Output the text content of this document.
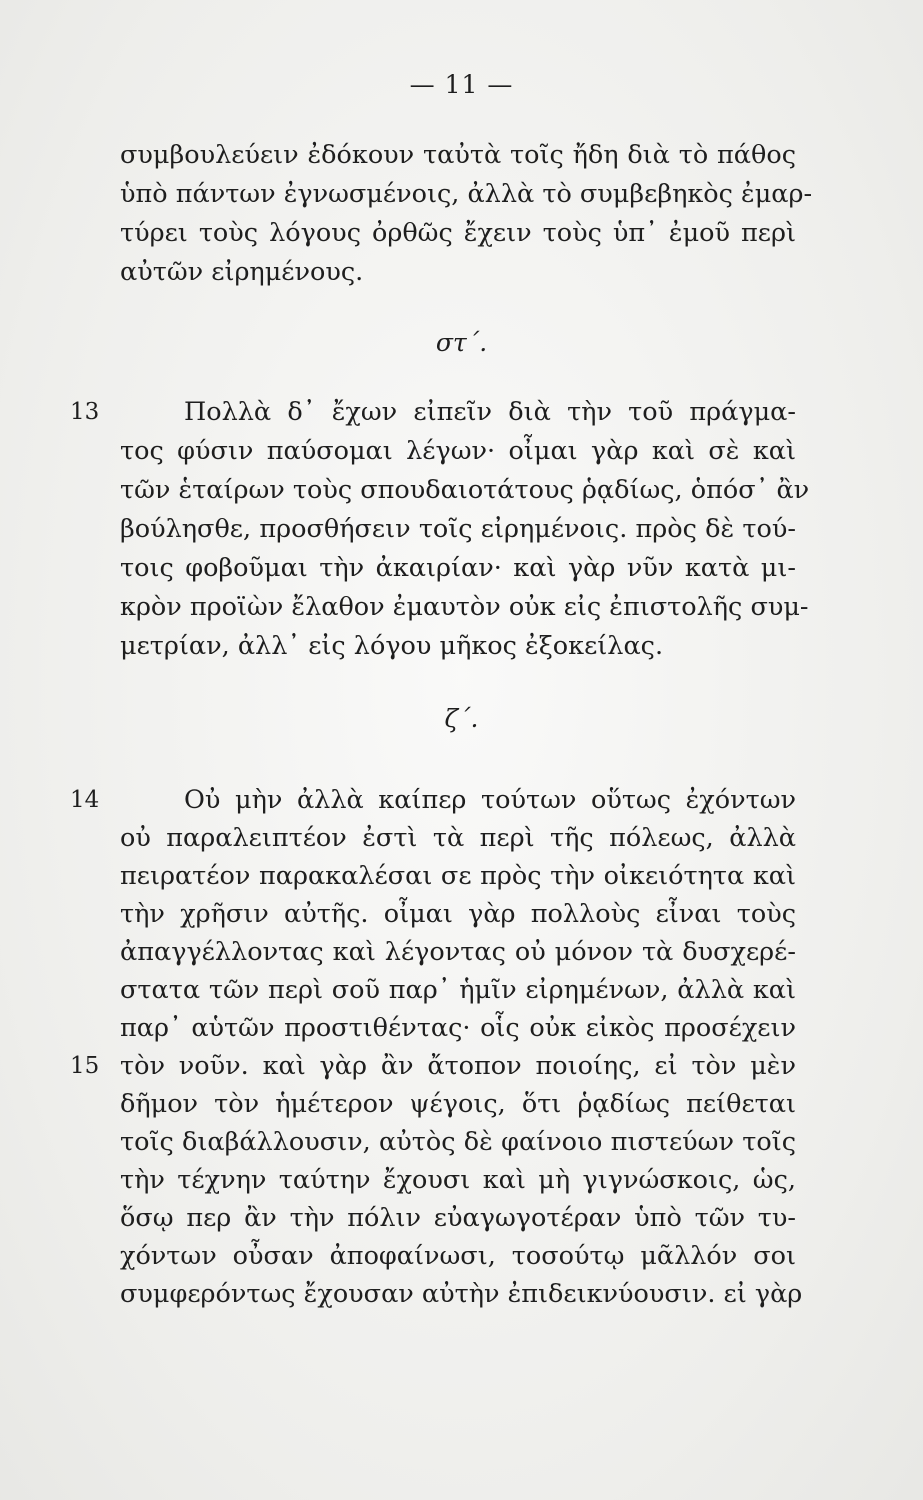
— 11 —
συμβουλεύειν ἐδόκουν ταὐτὰ τοῖς ἤδη διὰ τὸ πάθος
ὑπὸ πάντων ἐγνωσμένοις, ἀλλὰ τὸ συμβεβηκὸς ἐμαρ-
τύρει τοὺς λόγους ὀρθῶς ἔχειν τοὺς ὑπ᾿ ἐμοῦ περὶ
αὐτῶν εἰρημένους.
στ΄.
13	Πολλὰ δ᾿ ἔχων εἰπεῖν διὰ τὴν τοῦ πράγμα-
τος φύσιν παύσομαι λέγων· οἶμαι γὰρ καὶ σὲ καὶ
τῶν ἑταίρων τοὺς σπουδαιοτάτους ῥᾳδίως, ὁπόσ᾿ ἂν
βούλησθε, προσθήσειν τοῖς εἰρημένοις. πρὸς δὲ τού-
τοις φοβοῦμαι τὴν ἀκαιρίαν· καὶ γὰρ νῦν κατὰ μι-
κρὸν προϊὼν ἔλαθον ἐμαυτὸν οὐκ εἰς ἐπιστολῆς συμ-
μετρίαν, ἀλλ᾿ εἰς λόγου μῆκος ἐξοκείλας.
ζ΄.
14	Οὐ μὴν ἀλλὰ καίπερ τούτων οὕτως ἐχόντων
οὐ παραλειπτέον ἐστὶ τὰ περὶ τῆς πόλεως, ἀλλὰ
πειρατέον παρακαλέσαι σε πρὸς τὴν οἰκειότητα καὶ
τὴν χρῆσιν αὐτῆς. οἶμαι γὰρ πολλοὺς εἶναι τοὺς
ἀπαγγέλλοντας καὶ λέγοντας οὐ μόνον τὰ δυσχερέ-
στατα τῶν περὶ σοῦ παρ᾿ ἡμῖν εἰρημένων, ἀλλὰ καὶ
παρ᾿ αὑτῶν προστιθέντας· οἷς οὐκ εἰκὸς προσέχειν
15 τὸν νοῦν. καὶ γὰρ ἂν ἄτοπον ποιοίης, εἰ τὸν μὲν
δῆμον τὸν ἡμέτερον ψέγοις, ὅτι ῥᾳδίως πείθεται
τοῖς διαβάλλουσιν, αὐτὸς δὲ φαίνοιο πιστεύων τοῖς
τὴν τέχνην ταύτην ἔχουσι καὶ μὴ γιγνώσκοις, ὡς,
ὅσῳ περ ἂν τὴν πόλιν εὐαγωγοτέραν ὑπὸ τῶν τυ-
χόντων οὖσαν ἀποφαίνωσι, τοσούτῳ μᾶλλόν σοι
συμφερόντως ἔχουσαν αὐτὴν ἐπιδεικνύουσιν. εἰ γὰρ
